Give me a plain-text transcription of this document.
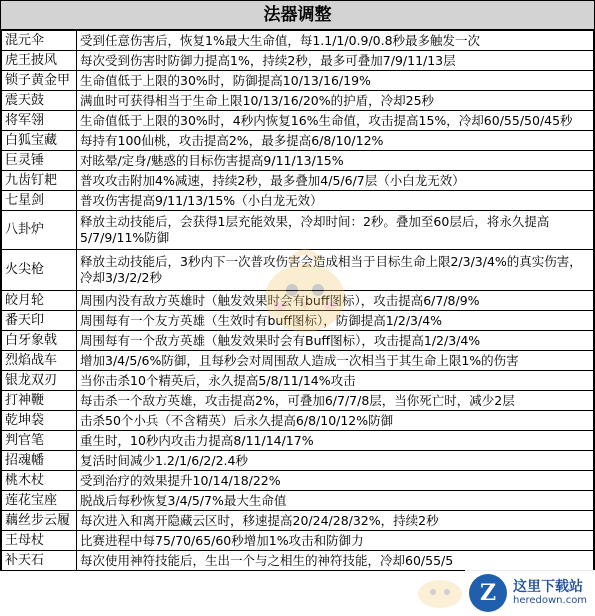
法器调整
混元伞	受到任意伤害后，恢复1%最大生命值，每1.1/1/0.9/0.8秒最多触发一次
虎王披风	每次受到伤害时防御力提高1%，持续2秒，最多可叠加7/9/11/13层
锁子黄金甲	生命值低于上限的30%时，防御提高10/13/16/19%
震天鼓	满血时可获得相当于生命上限10/13/16/20%的护盾，冷却25秒
将军翎	生命值低于上限的30%时，4秒内恢复16%生命值，攻击提高15%，冷却60/55/50/45秒
白狐宝藏	每持有100仙桃，攻击提高2%，最多提高6/8/10/12%
巨灵锤	对眩晕/定身/魅惑的目标伤害提高9/11/13/15%
九齿钉耙	普攻攻击附加4%减速，持续2秒，最多叠加4/5/6/7层（小白龙无效）
七星剑	普攻伤害提高9/11/13/15%（小白龙无效）
八卦炉	释放主动技能后，会获得1层充能效果，冷却时间：2秒。叠加至60层后，将永久提高5/7/9/11%防御
火尖枪	释放主动技能后，3秒内下一次普攻伤害会造成相当于目标生命上限2/3/3/4%的真实伤害，冷却3/3/2/2秒
皎月轮	周围内没有敌方英雄时（触发效果时会有buff图标），攻击提高6/7/8/9%
番天印	周围每有一个友方英雄（生效时有buff图标），防御提高1/2/3/4%
白牙象戟	周围每有一个敌方英雄（触发效果时会有Buff图标），攻击提高1/2/3/4%
烈焰战车	增加3/4/5/6%防御，且每秒会对周围敌人造成一次相当于其生命上限1%的伤害
银龙双刃	当你击杀10个精英后，永久提高5/8/11/14%攻击
打神鞭	每击杀一个敌方英雄，攻击提高2%，可叠加6/7/7/8层，当你死亡时，减少2层
乾坤袋	击杀50个小兵（不含精英）后永久提高6/8/10/12%防御
判官笔	重生时，10秒内攻击力提高8/11/14/17%
招魂幡	复活时间减少1.2/1/6/2/2.4秒
桃木杖	受到治疗的效果提升10/14/18/22%
莲花宝座	脱战后每秒恢复3/4/5/7%最大生命值
藕丝步云履	每次进入和离开隐藏云区时，移速提高20/24/28/32%，持续2秒
王母杖	比赛进程中每75/70/65/60秒增加1%攻击和防御力
补天石	每次使用神符技能后，生出一个与之相生的神符技能，冷却60/55/5
Z	这里下载站
heredown.com
